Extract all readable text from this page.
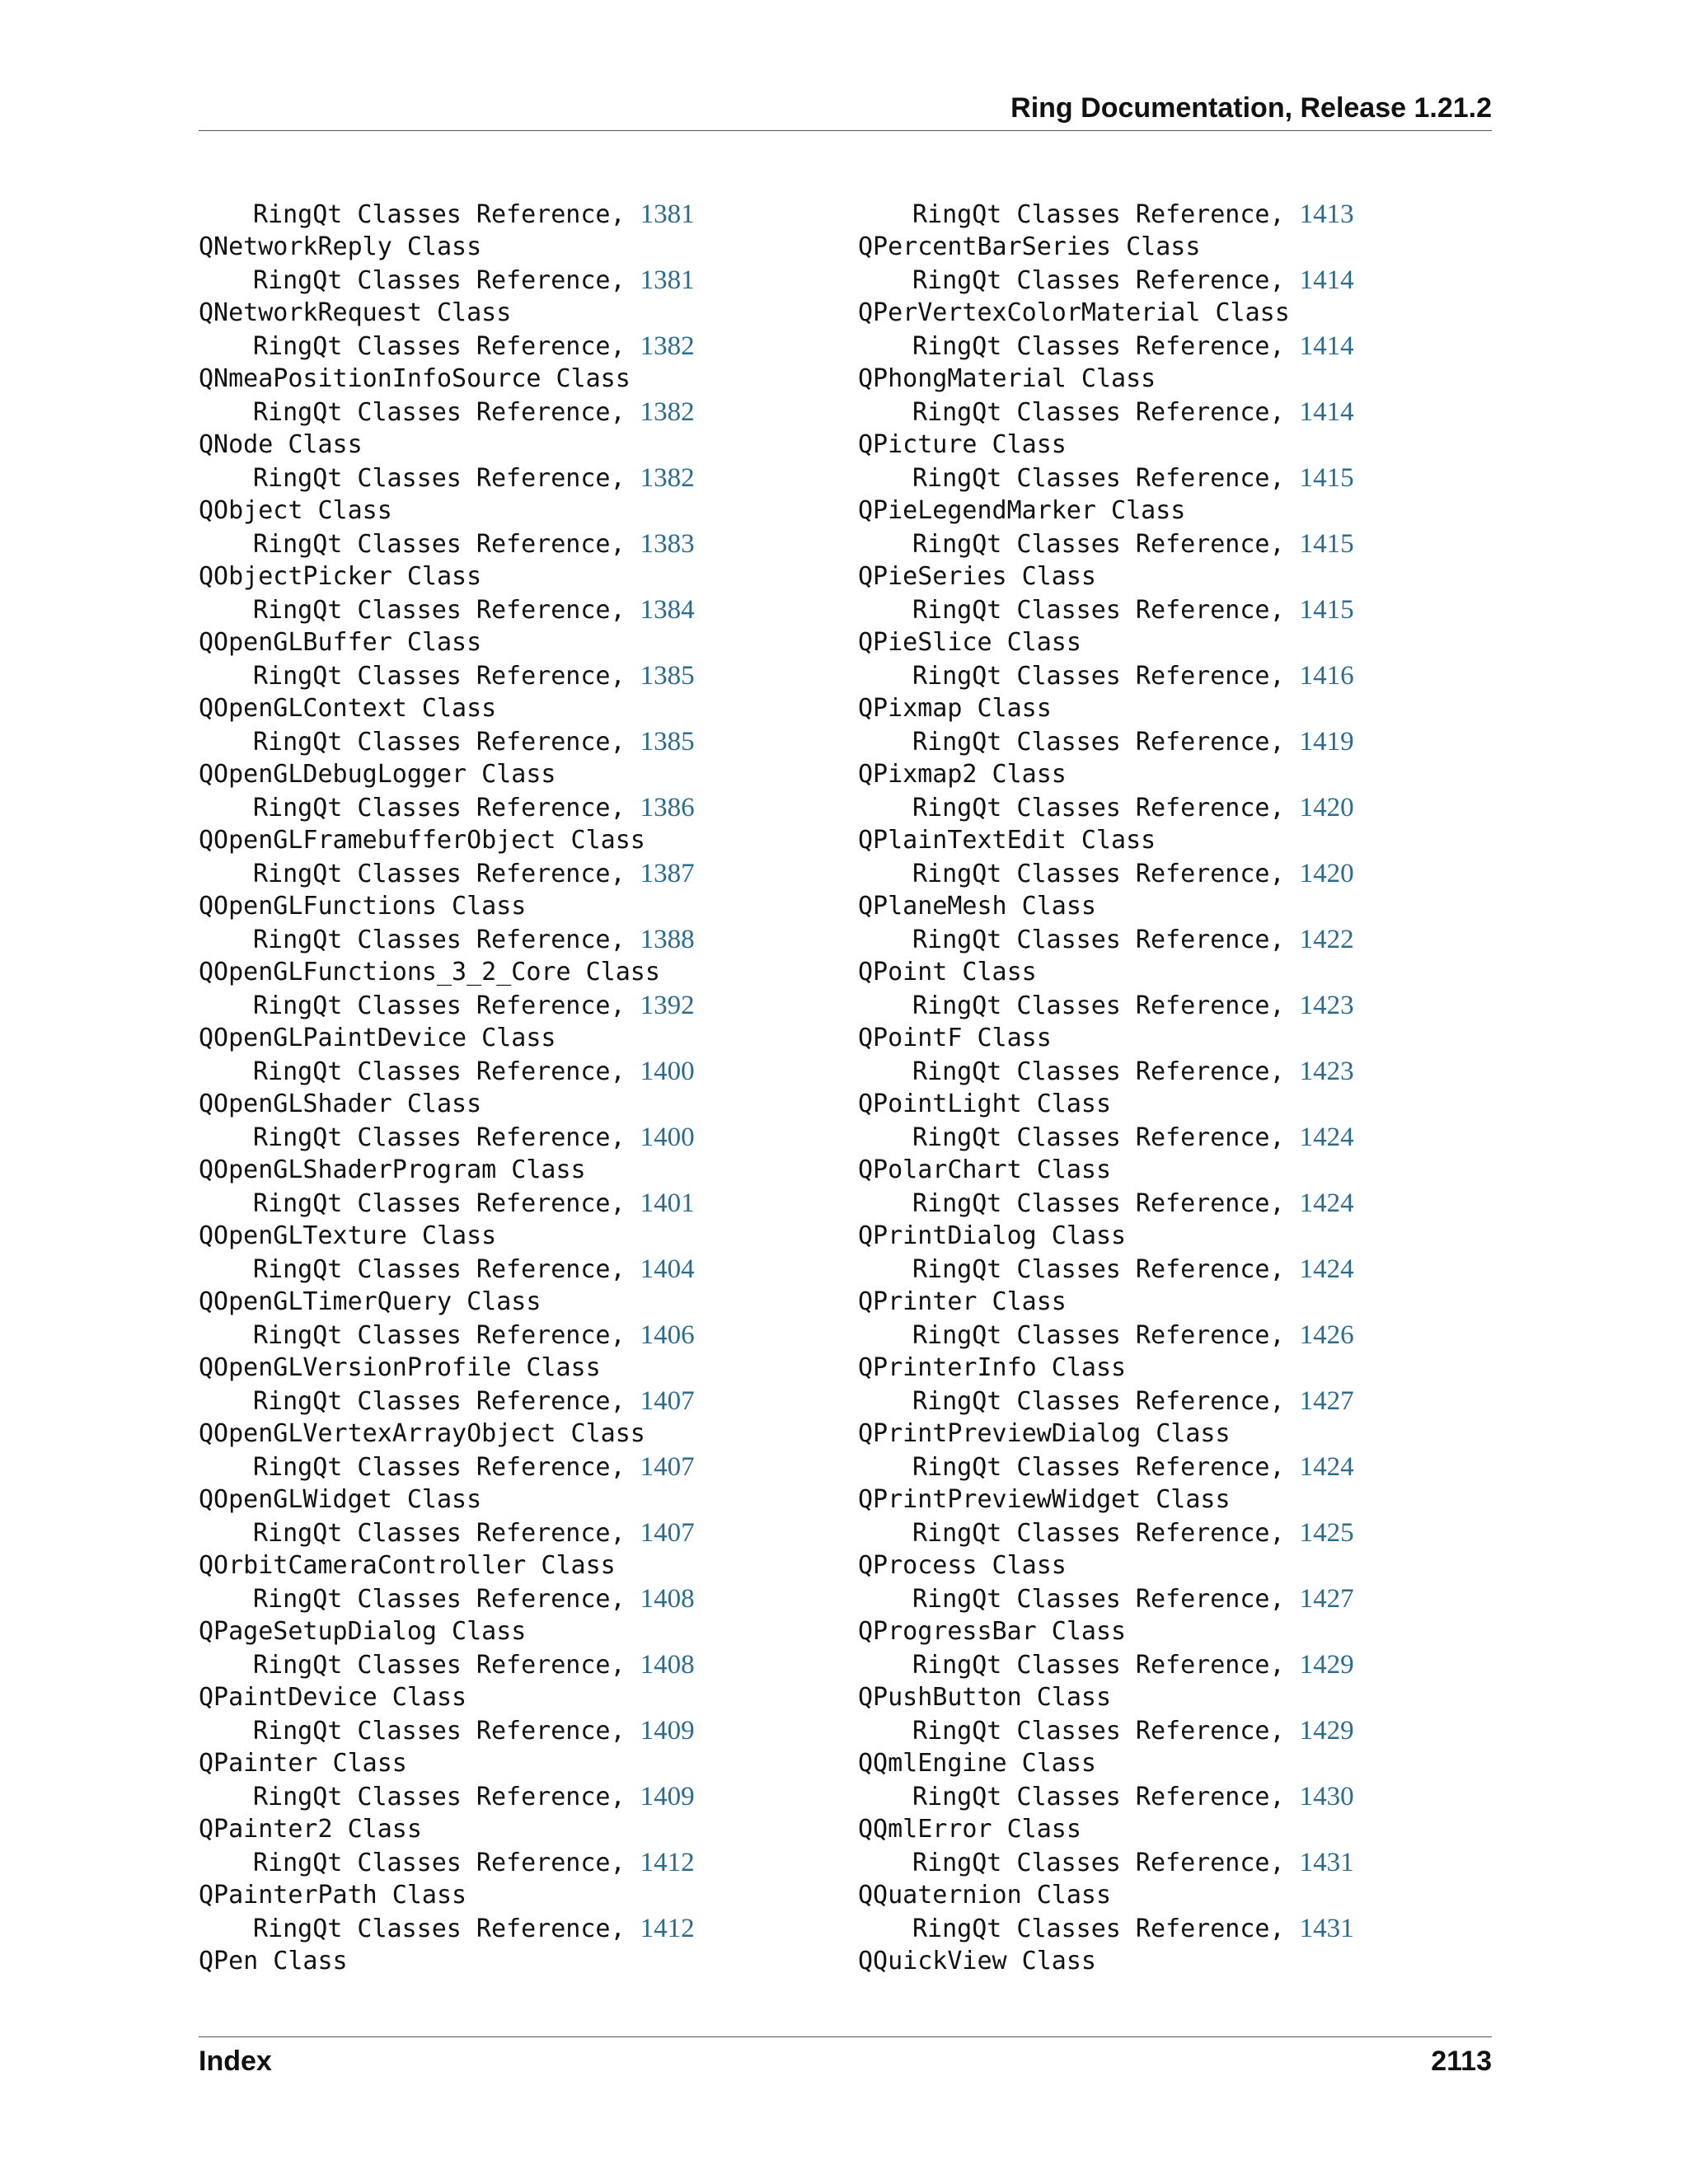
Ring Documentation, Release 1.21.2
RingQt Classes Reference, 1381
QNetworkReply Class
RingQt Classes Reference, 1381
QNetworkRequest Class
RingQt Classes Reference, 1382
QNmeaPositionInfoSource Class
RingQt Classes Reference, 1382
QNode Class
RingQt Classes Reference, 1382
QObject Class
RingQt Classes Reference, 1383
QObjectPicker Class
RingQt Classes Reference, 1384
QOpenGLBuffer Class
RingQt Classes Reference, 1385
QOpenGLContext Class
RingQt Classes Reference, 1385
QOpenGLDebugLogger Class
RingQt Classes Reference, 1386
QOpenGLFramebufferObject Class
RingQt Classes Reference, 1387
QOpenGLFunctions Class
RingQt Classes Reference, 1388
QOpenGLFunctions_3_2_Core Class
RingQt Classes Reference, 1392
QOpenGLPaintDevice Class
RingQt Classes Reference, 1400
QOpenGLShader Class
RingQt Classes Reference, 1400
QOpenGLShaderProgram Class
RingQt Classes Reference, 1401
QOpenGLTexture Class
RingQt Classes Reference, 1404
QOpenGLTimerQuery Class
RingQt Classes Reference, 1406
QOpenGLVersionProfile Class
RingQt Classes Reference, 1407
QOpenGLVertexArrayObject Class
RingQt Classes Reference, 1407
QOpenGLWidget Class
RingQt Classes Reference, 1407
QOrbitCameraController Class
RingQt Classes Reference, 1408
QPageSetupDialog Class
RingQt Classes Reference, 1408
QPaintDevice Class
RingQt Classes Reference, 1409
QPainter Class
RingQt Classes Reference, 1409
QPainter2 Class
RingQt Classes Reference, 1412
QPainterPath Class
RingQt Classes Reference, 1412
QPen Class
RingQt Classes Reference, 1413
QPercentBarSeries Class
RingQt Classes Reference, 1414
QPerVertexColorMaterial Class
RingQt Classes Reference, 1414
QPhongMaterial Class
RingQt Classes Reference, 1414
QPicture Class
RingQt Classes Reference, 1415
QPieLegendMarker Class
RingQt Classes Reference, 1415
QPieSeries Class
RingQt Classes Reference, 1415
QPieSlice Class
RingQt Classes Reference, 1416
QPixmap Class
RingQt Classes Reference, 1419
QPixmap2 Class
RingQt Classes Reference, 1420
QPlainTextEdit Class
RingQt Classes Reference, 1420
QPlaneMesh Class
RingQt Classes Reference, 1422
QPoint Class
RingQt Classes Reference, 1423
QPointF Class
RingQt Classes Reference, 1423
QPointLight Class
RingQt Classes Reference, 1424
QPolarChart Class
RingQt Classes Reference, 1424
QPrintDialog Class
RingQt Classes Reference, 1424
QPrinter Class
RingQt Classes Reference, 1426
QPrinterInfo Class
RingQt Classes Reference, 1427
QPrintPreviewDialog Class
RingQt Classes Reference, 1424
QPrintPreviewWidget Class
RingQt Classes Reference, 1425
QProcess Class
RingQt Classes Reference, 1427
QProgressBar Class
RingQt Classes Reference, 1429
QPushButton Class
RingQt Classes Reference, 1429
QQmlEngine Class
RingQt Classes Reference, 1430
QQmlError Class
RingQt Classes Reference, 1431
QQuaternion Class
RingQt Classes Reference, 1431
QQuickView Class
Index	2113
